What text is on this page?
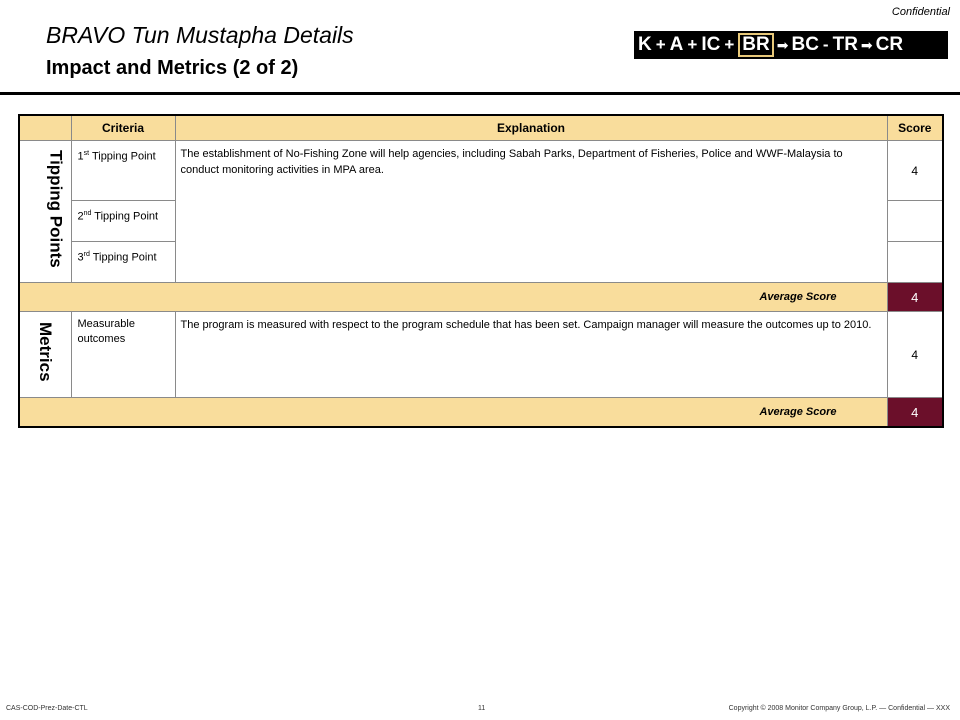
Confidential
BRAVO Tun Mustapha Details
Impact and Metrics (2 of 2)
K + A + IC + BR ➡ BC - TR ➡ CR
	Criteria	Explanation	Score
Tipping Points	1st Tipping Point	The establishment of No-Fishing Zone will help agencies, including Sabah Parks, Department of Fisheries, Police and WWF-Malaysia to conduct monitoring activities in MPA area.	4
	2nd Tipping Point		
	3rd Tipping Point		
Average Score			4
Metrics	Measurable outcomes	The program is measured with respect to the program schedule that has been set. Campaign manager will measure the outcomes up to 2010.	4
Average Score			4
CAS-COD-Prez-Date-CTL	11	Copyright © 2008 Monitor Company Group, L.P. — Confidential — XXX
